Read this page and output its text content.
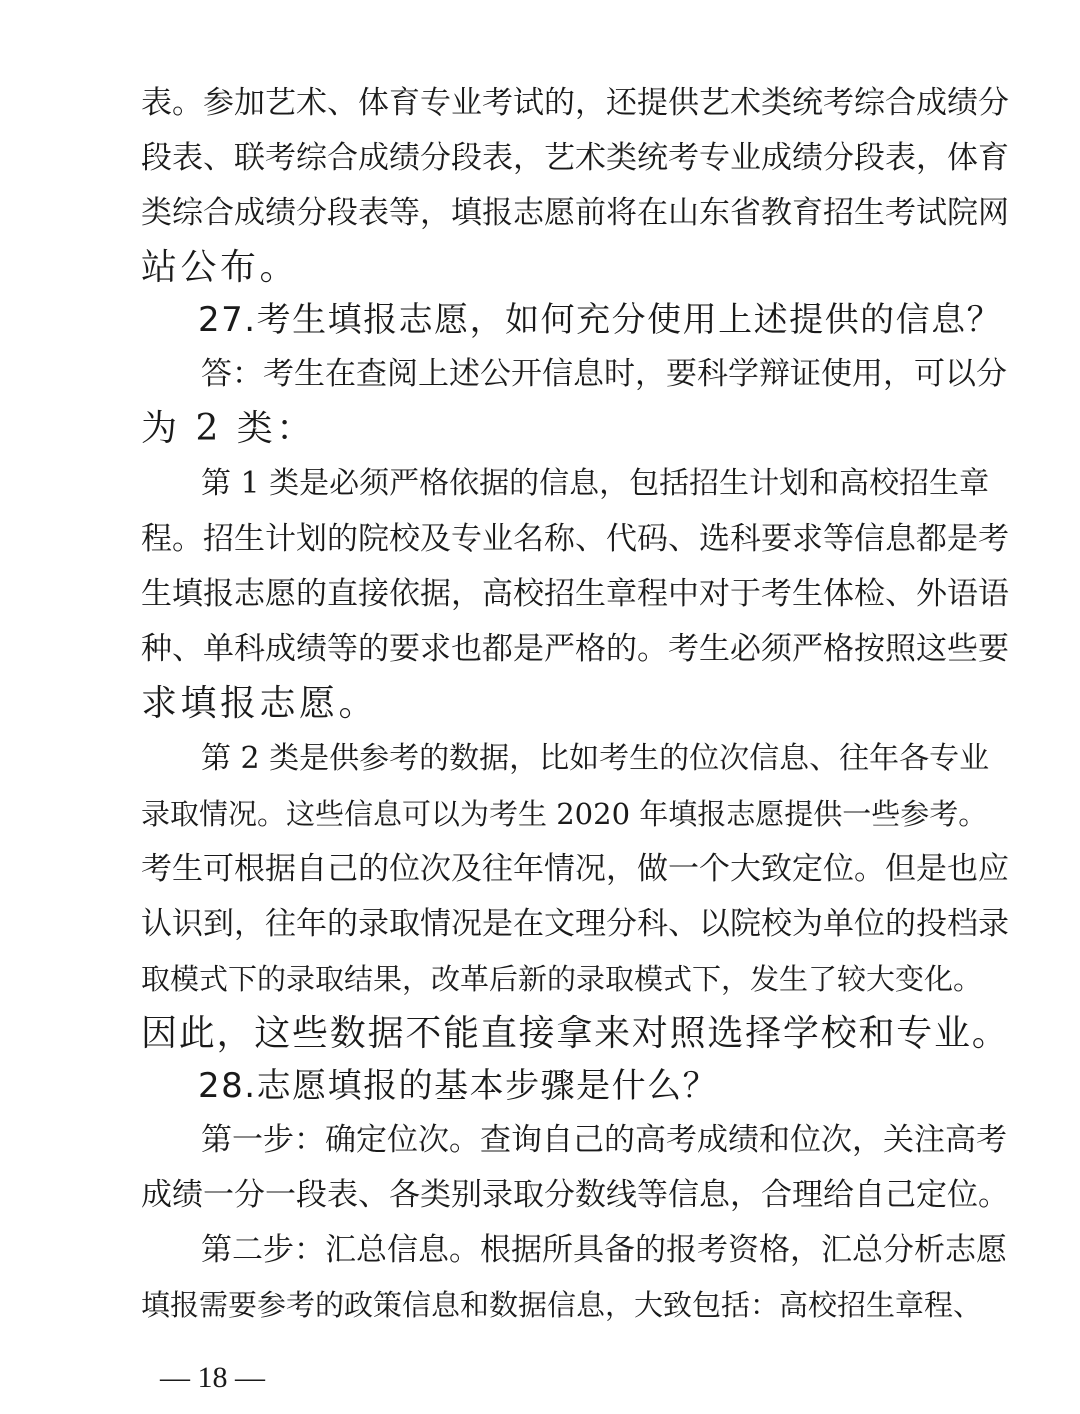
表。参加艺术、体育专业考试的，还提供艺术类统考综合成绩分
段表、联考综合成绩分段表，艺术类统考专业成绩分段表，体育
类综合成绩分段表等，填报志愿前将在山东省教育招生考试院网
站公布。
27.考生填报志愿，如何充分使用上述提供的信息？
答：考生在查阅上述公开信息时，要科学辩证使用，可以分
为 2 类：
第 1 类是必须严格依据的信息，包括招生计划和高校招生章
程。招生计划的院校及专业名称、代码、选科要求等信息都是考
生填报志愿的直接依据，高校招生章程中对于考生体检、外语语
种、单科成绩等的要求也都是严格的。考生必须严格按照这些要
求填报志愿。
第 2 类是供参考的数据，比如考生的位次信息、往年各专业
录取情况。这些信息可以为考生 2020 年填报志愿提供一些参考。
考生可根据自己的位次及往年情况，做一个大致定位。但是也应
认识到，往年的录取情况是在文理分科、以院校为单位的投档录
取模式下的录取结果，改革后新的录取模式下，发生了较大变化。
因此，这些数据不能直接拿来对照选择学校和专业。
28.志愿填报的基本步骤是什么？
第一步：确定位次。查询自己的高考成绩和位次，关注高考
成绩一分一段表、各类别录取分数线等信息，合理给自己定位。
第二步：汇总信息。根据所具备的报考资格，汇总分析志愿
填报需要参考的政策信息和数据信息，大致包括：高校招生章程、
— 18 —
